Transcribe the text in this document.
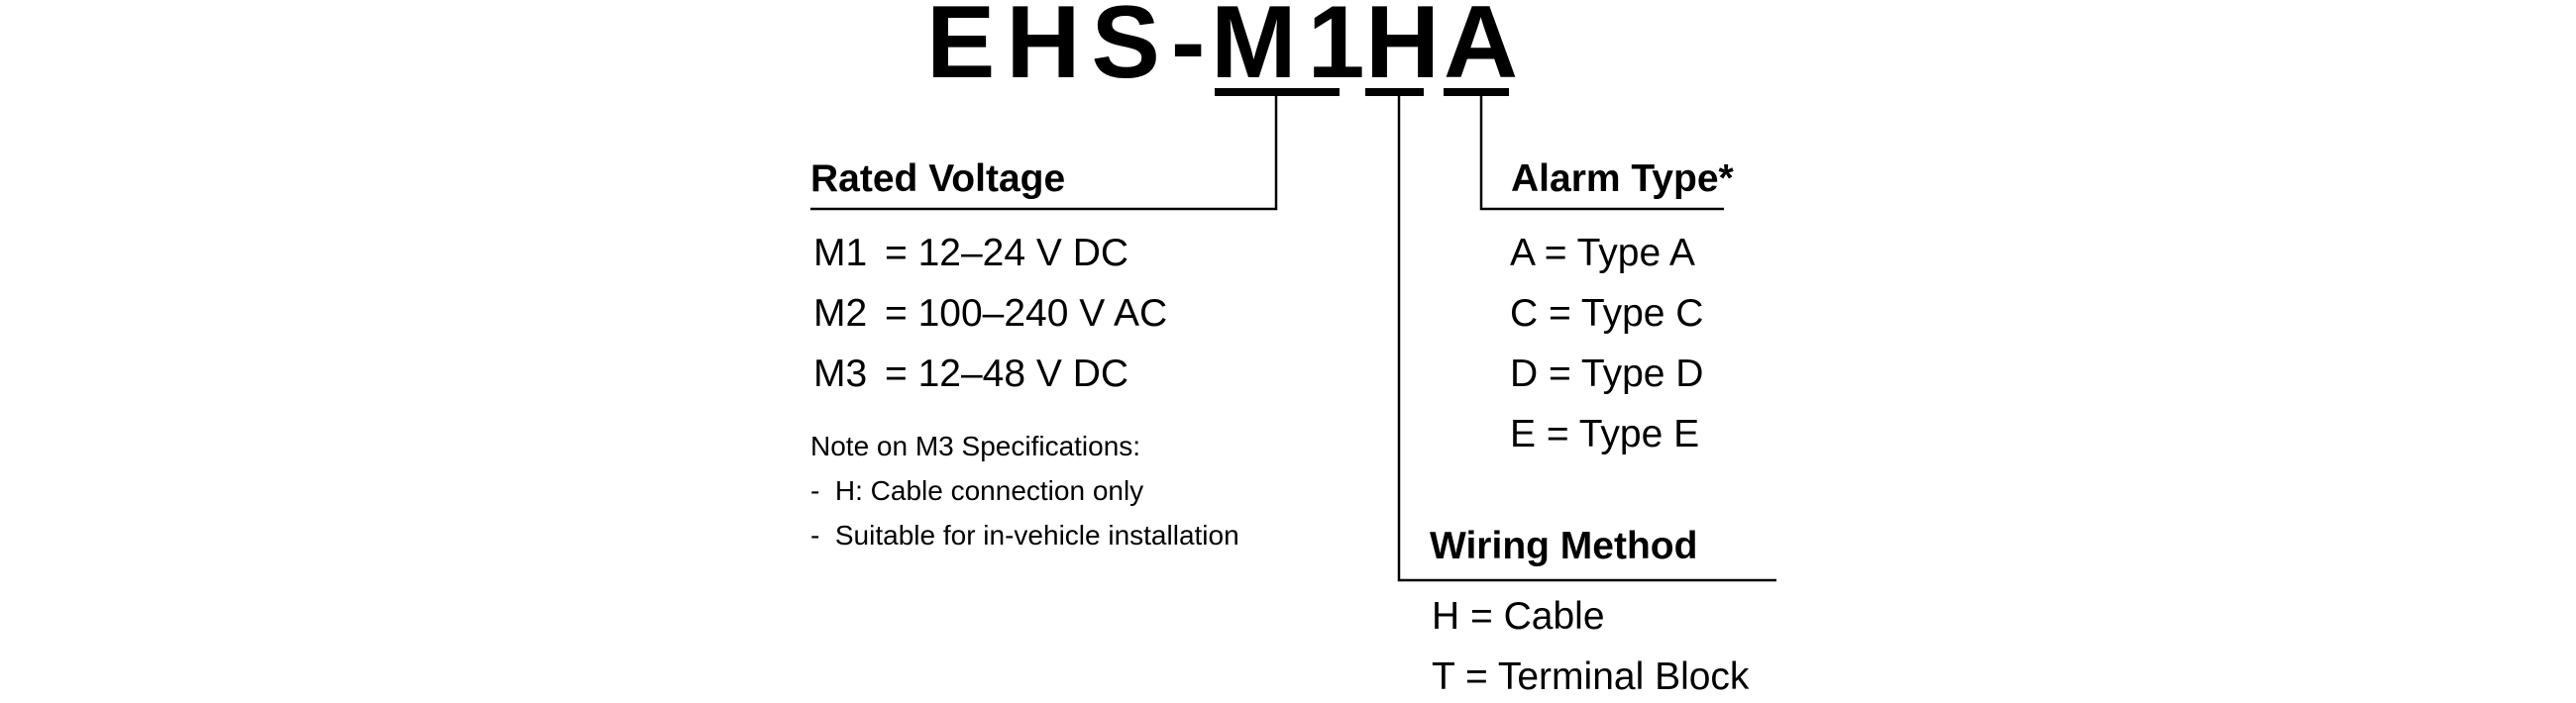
EHS- M1 H A
Rated Voltage
M1 = 12–24 V DC
M2 = 100–240 V AC
M3 = 12–48 V DC
Note on M3 Specifications:
-  H: Cable connection only
-  Suitable for in-vehicle installation
Alarm Type*
A = Type A
C = Type C
D = Type D
E = Type E
Wiring Method
H = Cable
T = Terminal Block
